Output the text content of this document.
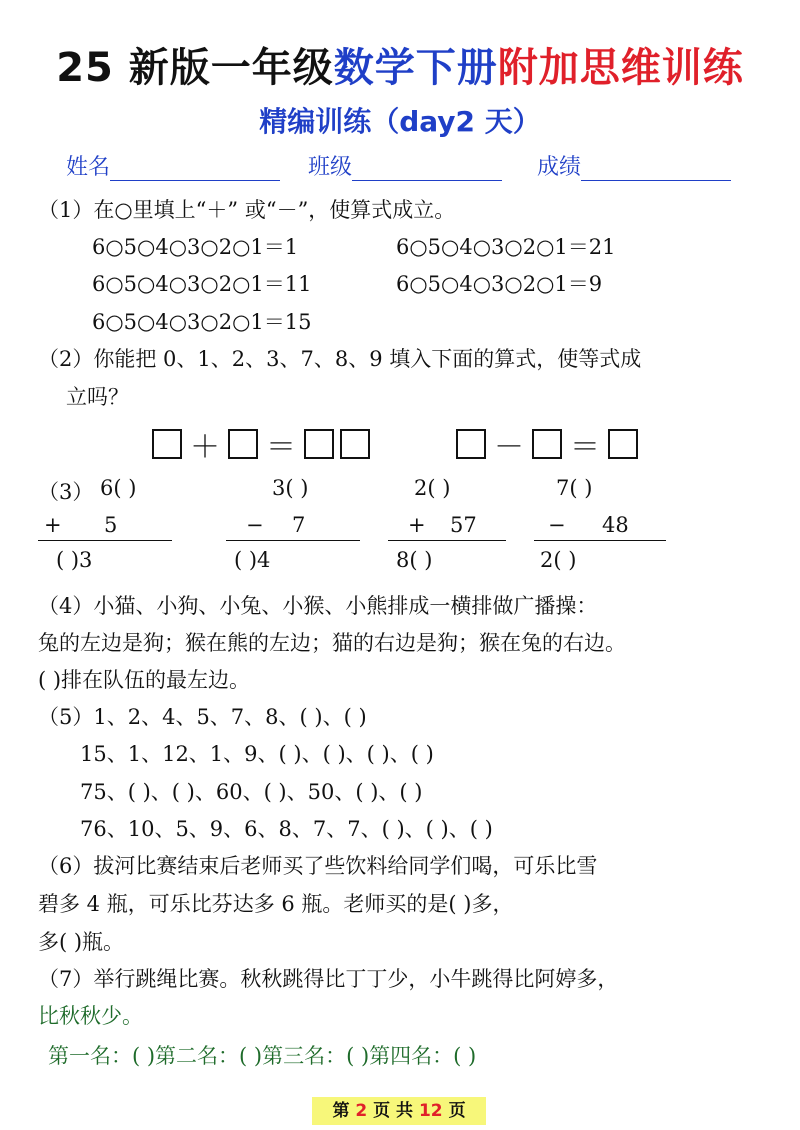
25 新版一年级数学下册附加思维训练
精编训练（day2 天）
姓名	班级	成绩
（1）在○里填上“＋” 或“－”，使算式成立。
6○5○4○3○2○1＝1	6○5○4○3○2○1＝21
6○5○4○3○2○1＝11	6○5○4○3○2○1＝9
6○5○4○3○2○1＝15
（2）你能把 0、1、2、3、7、8、9 填入下面的算式，使等式成
立吗？
＋ ＝	－ ＝
（3） 6( )
+ 5
( )3
3( )
− 7
( )4
2( )
+ 57
8( )
7( )
− 48
2( )
（4）小猫、小狗、小兔、小猴、小熊排成一横排做广播操：
兔的左边是狗；猴在熊的左边；猫的右边是狗；猴在兔的右边。
( )排在队伍的最左边。
（5）1、2、4、5、7、8、( )、( )
15、1、12、1、9、( )、( )、( )、( )
75、( )、( )、60、( )、50、( )、( )
76、10、5、9、6、8、7、7、( )、( )、( )
（6）拔河比赛结束后老师买了些饮料给同学们喝，可乐比雪
碧多 4 瓶，可乐比芬达多 6 瓶。老师买的是( )多，
多( )瓶。
（7）举行跳绳比赛。秋秋跳得比丁丁少，小牛跳得比阿婷多，
比秋秋少。
第一名：( )第二名：( )第三名：( )第四名：( )
第 2 页 共 12 页
